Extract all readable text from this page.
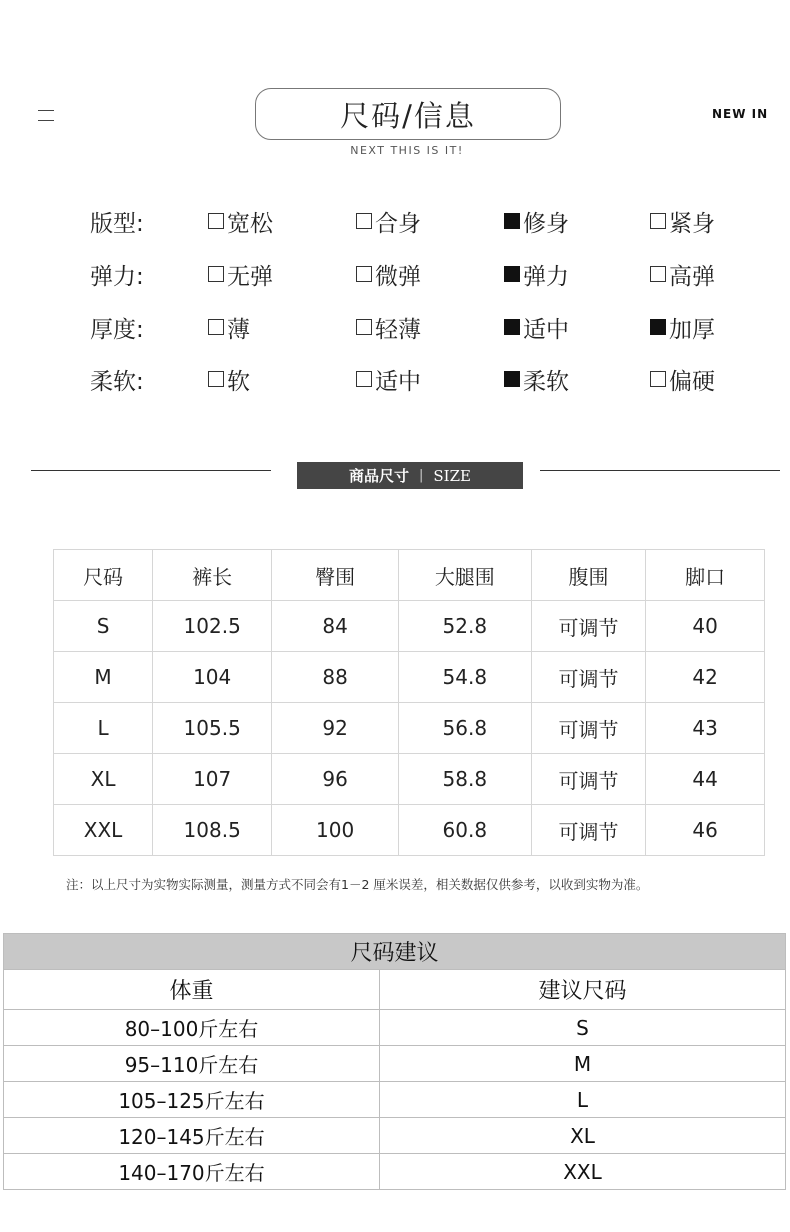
尺码/信息
NEXT THIS IS IT!
NEW IN
版型:	宽松	合身	修身	紧身
弹力:	无弹	微弹	弹力	高弹
厚度:	薄	轻薄	适中	加厚
柔软:	软	适中	柔软	偏硬
商品尺寸 | SIZE
尺码	裤长	臀围	大腿围	腹围	脚口
S	102.5	84	52.8	可调节	40
M	104	88	54.8	可调节	42
L	105.5	92	56.8	可调节	43
XL	107	96	58.8	可调节	44
XXL	108.5	100	60.8	可调节	46
注：以上尺寸为实物实际测量，测量方式不同会有1－2 厘米误差，相关数据仅供参考，以收到实物为准。
尺码建议	
体重	建议尺码
80–100斤左右	S
95–110斤左右	M
105–125斤左右	L
120–145斤左右	XL
140–170斤左右	XXL
